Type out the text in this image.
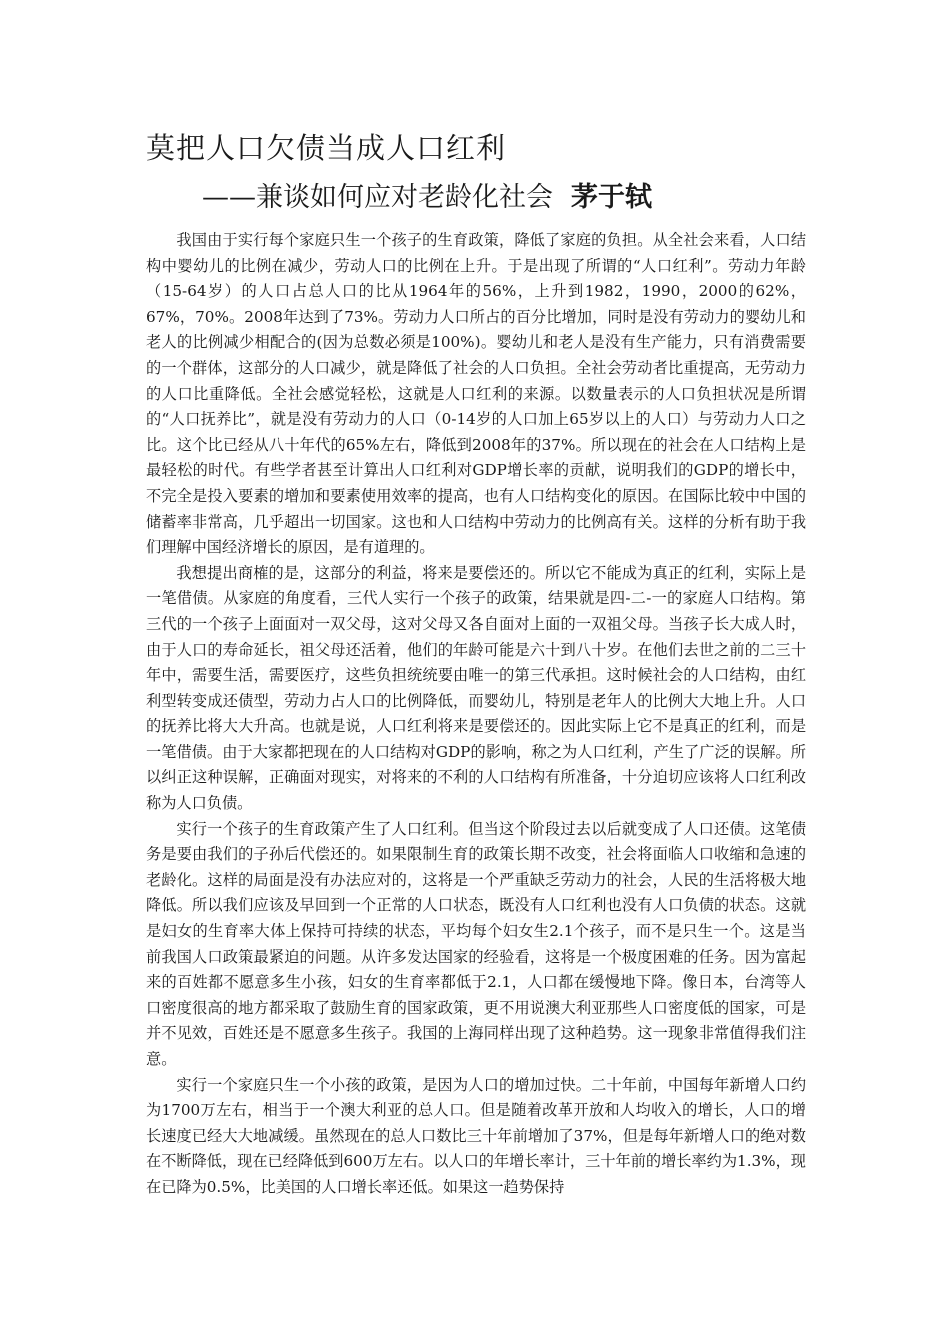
莫把人口欠债当成人口红利
——兼谈如何应对老龄化社会 茅于轼

我国由于实行每个家庭只生一个孩子的生育政策，降低了家庭的负担。从全社会来看，人口结构中婴幼儿的比例在减少，劳动人口的比例在上升。于是出现了所谓的“人口红利”。劳动力年龄（15-64岁）的人口占总人口的比从1964年的56%，上升到1982，1990，2000的62%，67%，70%。2008年达到了73%。劳动力人口所占的百分比增加，同时是没有劳动力的婴幼儿和老人的比例减少相配合的(因为总数必须是100%)。婴幼儿和老人是没有生产能力，只有消费需要的一个群体，这部分的人口减少，就是降低了社会的人口负担。全社会劳动者比重提高，无劳动力的人口比重降低。全社会感觉轻松，这就是人口红利的来源。以数量表示的人口负担状况是所谓的“人口抚养比”，就是没有劳动力的人口（0-14岁的人口加上65岁以上的人口）与劳动力人口之比。这个比已经从八十年代的65%左右，降低到2008年的37%。所以现在的社会在人口结构上是最轻松的时代。有些学者甚至计算出人口红利对GDP增长率的贡献，说明我们的GDP的增长中，不完全是投入要素的增加和要素使用效率的提高，也有人口结构变化的原因。在国际比较中中国的储蓄率非常高，几乎超出一切国家。这也和人口结构中劳动力的比例高有关。这样的分析有助于我们理解中国经济增长的原因，是有道理的。

我想提出商榷的是，这部分的利益，将来是要偿还的。所以它不能成为真正的红利，实际上是一笔借债。从家庭的角度看，三代人实行一个孩子的政策，结果就是四-二-一的家庭人口结构。第三代的一个孩子上面面对一双父母，这对父母又各自面对上面的一双祖父母。当孩子长大成人时，由于人口的寿命延长，祖父母还活着，他们的年龄可能是六十到八十岁。在他们去世之前的二三十年中，需要生活，需要医疗，这些负担统统要由唯一的第三代承担。这时候社会的人口结构，由红利型转变成还债型，劳动力占人口的比例降低，而婴幼儿，特别是老年人的比例大大地上升。人口的抚养比将大大升高。也就是说，人口红利将来是要偿还的。因此实际上它不是真正的红利，而是一笔借债。由于大家都把现在的人口结构对GDP的影响，称之为人口红利，产生了广泛的误解。所以纠正这种误解，正确面对现实，对将来的不利的人口结构有所准备，十分迫切应该将人口红利改称为人口负债。

实行一个孩子的生育政策产生了人口红利。但当这个阶段过去以后就变成了人口还债。这笔债务是要由我们的子孙后代偿还的。如果限制生育的政策长期不改变，社会将面临人口收缩和急速的老龄化。这样的局面是没有办法应对的，这将是一个严重缺乏劳动力的社会，人民的生活将极大地降低。所以我们应该及早回到一个正常的人口状态，既没有人口红利也没有人口负债的状态。这就是妇女的生育率大体上保持可持续的状态，平均每个妇女生2.1个孩子，而不是只生一个。这是当前我国人口政策最紧迫的问题。从许多发达国家的经验看，这将是一个极度困难的任务。因为富起来的百姓都不愿意多生小孩，妇女的生育率都低于2.1，人口都在缓慢地下降。像日本，台湾等人口密度很高的地方都采取了鼓励生育的国家政策，更不用说澳大利亚那些人口密度低的国家，可是并不见效，百姓还是不愿意多生孩子。我国的上海同样出现了这种趋势。这一现象非常值得我们注意。

实行一个家庭只生一个小孩的政策，是因为人口的增加过快。二十年前，中国每年新增人口约为1700万左右，相当于一个澳大利亚的总人口。但是随着改革开放和人均收入的增长，人口的增长速度已经大大地减缓。虽然现在的总人口数比三十年前增加了37%，但是每年新增人口的绝对数在不断降低，现在已经降低到600万左右。以人口的年增长率计，三十年前的增长率约为1.3%，现在已降为0.5%，比美国的人口增长率还低。如果这一趋势保持
